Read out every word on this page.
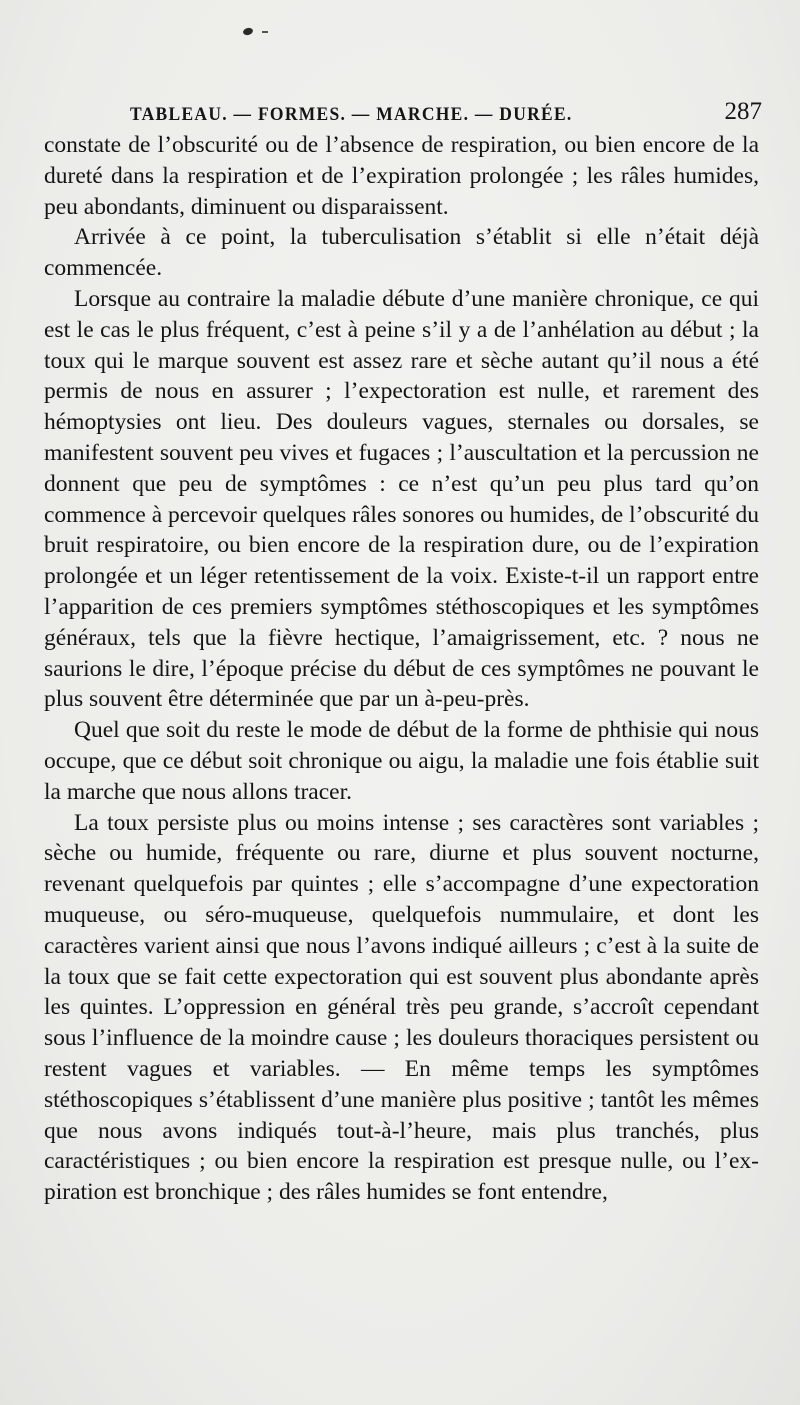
TABLEAU. — FORMES. — MARCHE. — DURÉE.	287

constate de l’obscurité ou de l’absence de respiration, ou bien encore de la dureté dans la respiration et de l’expiration prolongée ; les râles humides, peu abondants, diminuent ou disparaissent.

Arrivée à ce point, la tuberculisation s’établit si elle n’était déjà commencée.

Lorsque au contraire la maladie débute d’une manière chronique, ce qui est le cas le plus fréquent, c’est à peine s’il y a de l’anhélation au début ; la toux qui le marque souvent est assez rare et sèche autant qu’il nous a été permis de nous en assurer ; l’expectoration est nulle, et rarement des hémoptysies ont lieu. Des douleurs vagues, sternales ou dorsales, se manifestent souvent peu vives et fugaces ; l’auscultation et la percussion ne donnent que peu de symptômes : ce n’est qu’un peu plus tard qu’on commence à percevoir quelques râles sonores ou humides, de l’obscurité du bruit respiratoire, ou bien encore de la respiration dure, ou de l’expiration prolongée et un léger retentissement de la voix. Existe-t-il un rapport entre l’apparition de ces premiers symptômes stéthoscopiques et les symptômes généraux, tels que la fièvre hectique, l’amaigrissement, etc. ? nous ne saurions le dire, l’époque précise du début de ces symptômes ne pouvant le plus souvent être déterminée que par un à-peu-près.

Quel que soit du reste le mode de début de la forme de phthisie qui nous occupe, que ce début soit chronique ou aigu, la maladie une fois établie suit la marche que nous allons tracer.

La toux persiste plus ou moins intense ; ses caractères sont variables ; sèche ou humide, fréquente ou rare, diurne et plus souvent nocturne, revenant quelquefois par quintes ; elle s’accompagne d’une expectoration muqueuse, ou séro-muqueuse, quelquefois nummulaire, et dont les caractères varient ainsi que nous l’avons indiqué ailleurs ; c’est à la suite de la toux que se fait cette expectoration qui est souvent plus abondante après les quintes. L’oppression en général très peu grande, s’accroît cependant sous l’influence de la moindre cause ; les douleurs thoraciques persistent ou restent vagues et variables. — En même temps les symptômes stéthoscopiques s’établissent d’une manière plus positive ; tantôt les mêmes que nous avons indiqués tout-à-l’heure, mais plus tranchés, plus caractéristiques ; ou bien encore la respiration est presque nulle, ou l’expiration est bronchique ; des râles humides se font entendre,
